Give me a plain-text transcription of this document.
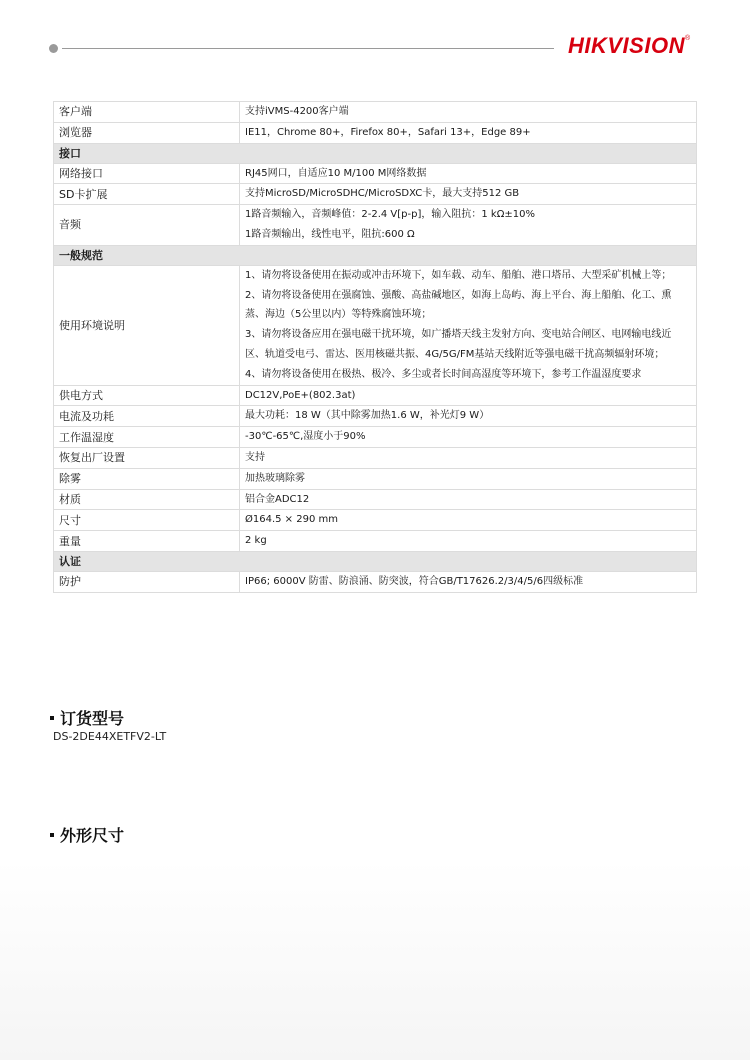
HIKVISION®
客户端	支持iVMS-4200客户端

浏览器	IE11，Chrome 80+，Firefox 80+，Safari 13+，Edge 89+

接口	
网络接口	RJ45网口，自适应10 M/100 M网络数据

SD卡扩展	支持MicroSD/MicroSDHC/MicroSDXC卡，最大支持512 GB

音频	1路音频输入，音频峰值：2-2.4 V[p-p]，输入阻抗：1 kΩ±10%
1路音频输出，线性电平，阻抗:600 Ω

一般规范	
使用环境说明	1、请勿将设备使用在振动或冲击环境下，如车载、动车、船舶、港口塔吊、大型采矿机械上等；
2、请勿将设备使用在强腐蚀、强酸、高盐碱地区，如海上岛屿、海上平台、海上船舶、化工、熏蒸、海边（5公里以内）等特殊腐蚀环境；
3、请勿将设备应用在强电磁干扰环境，如广播塔天线主发射方向、变电站合闸区、电网输电线近区、轨道受电弓、雷达、医用核磁共振、4G/5G/FM基站天线附近等强电磁干扰高频辐射环境；
4、请勿将设备使用在极热、极冷、多尘或者长时间高湿度等环境下，参考工作温湿度要求

供电方式	DC12V,PoE+(802.3at)

电流及功耗	最大功耗：18 W（其中除雾加热1.6 W，补光灯9 W）

工作温湿度	-30℃-65℃,湿度小于90%

恢复出厂设置	支持

除雾	加热玻璃除雾

材质	铝合金ADC12

尺寸	Ø164.5 × 290 mm

重量	2 kg

认证	
防护	IP66; 6000V 防雷、防浪涌、防突波，符合GB/T17626.2/3/4/5/6四级标准
订货型号
DS-2DE44XETFV2-LT
外形尺寸
